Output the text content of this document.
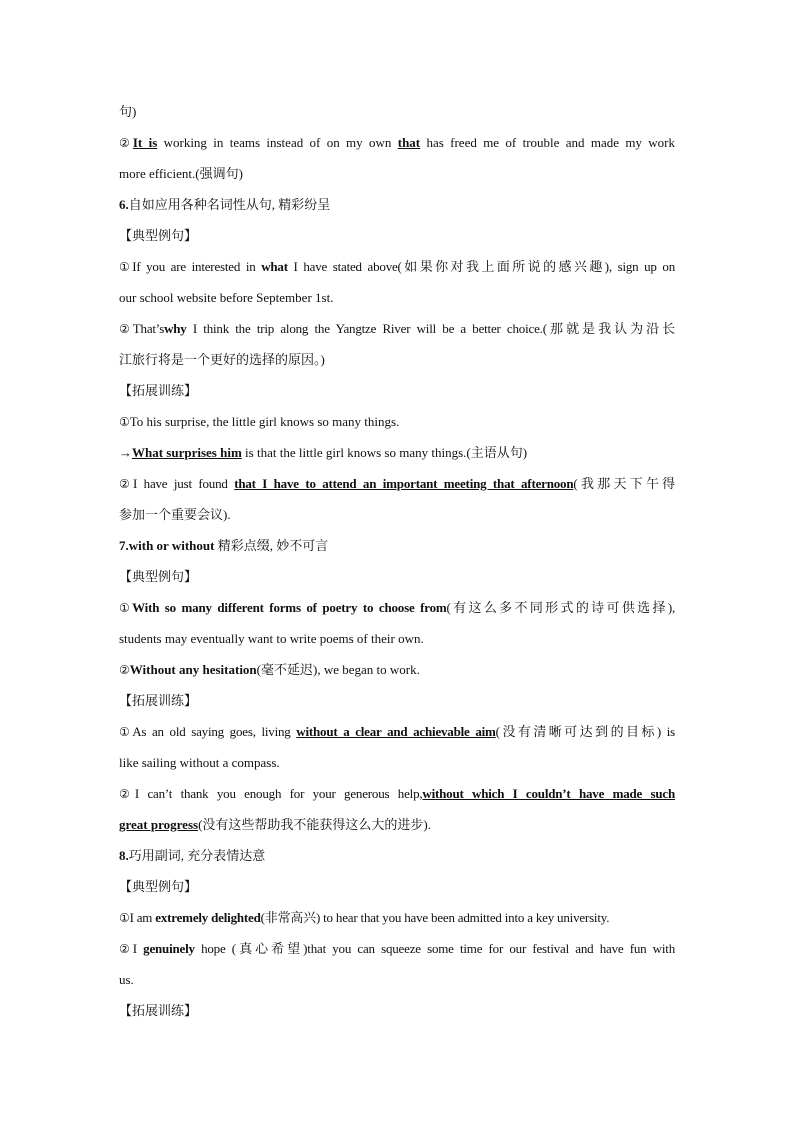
句)
②It is working in teams instead of on my own that has freed me of trouble and made my work
more efficient.(强调句)
6.自如应用各种名词性从句, 精彩纷呈
【典型例句】
①If you are interested in what I have stated above(如果你对我上面所说的感兴趣), sign up on
our school website before September 1st.
②That’swhy I think the trip along the Yangtze River will be a better choice.(那就是我认为沿长
江旅行将是一个更好的选择的原因。)
【拓展训练】
①To his surprise, the little girl knows so many things.
→What surprises him is that the little girl knows so many things.(主语从句)
②I have just found that I have to attend an important meeting that afternoon(我那天下午得
参加一个重要会议).
7.with or without 精彩点缀, 妙不可言
【典型例句】
①With so many different forms of poetry to choose from(有这么多不同形式的诗可供选择),
students may eventually want to write poems of their own.
②Without any hesitation(毫不延迟), we began to work.
【拓展训练】
①As an old saying goes, living without a clear and achievable aim(没有清晰可达到的目标) is
like sailing without a compass.
②I can’t thank you enough for your generous help,without which I couldn’t have made such
great progress(没有这些帮助我不能获得这么大的进步).
8.巧用副词, 充分表情达意
【典型例句】
①I am extremely delighted(非常高兴) to hear that you have been admitted into a key university.
②I genuinely hope (真心希望)that you can squeeze some time for our festival and have fun with
us.
【拓展训练】
